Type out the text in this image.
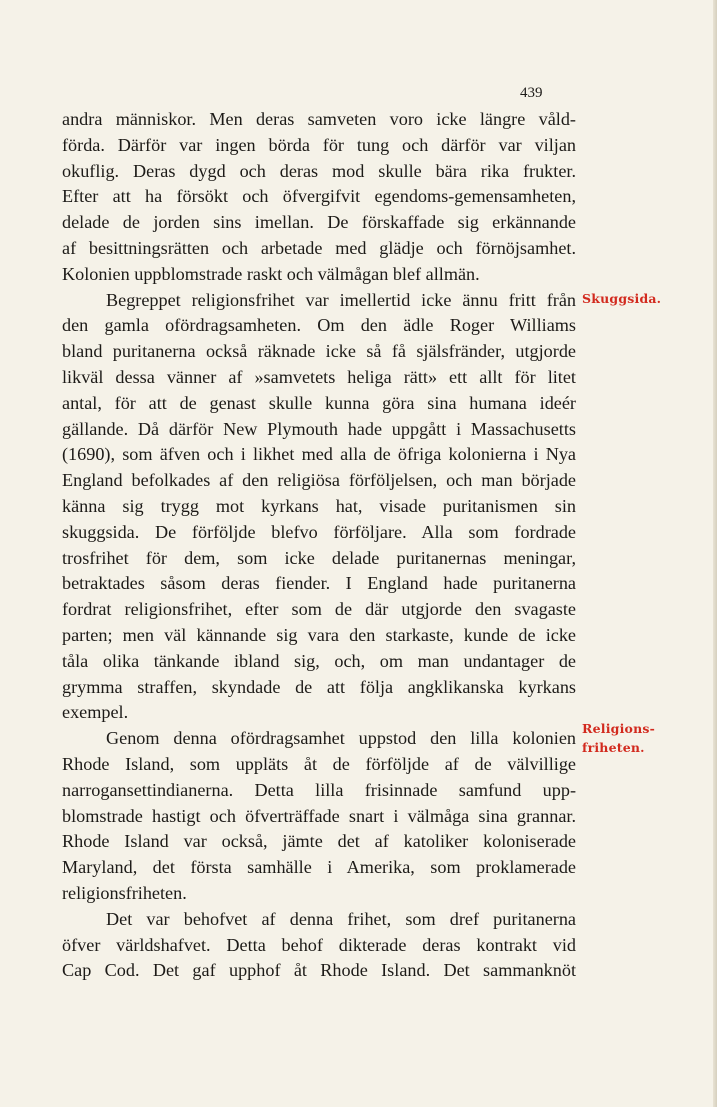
439
andra människor. Men deras samveten voro icke längre våld-
förda. Därför var ingen börda för tung och därför var viljan
okuflig. Deras dygd och deras mod skulle bära rika frukter.
Efter att ha försökt och öfvergifvit egendoms-gemensamheten,
delade de jorden sins imellan. De förskaffade sig erkännande
af besittningsrätten och arbetade med glädje och förnöjsamhet.
Kolonien uppblomstrade raskt och välmågan blef allmän.
Begreppet religionsfrihet var imellertid icke ännu fritt från
den gamla ofördragsamheten. Om den ädle Roger Williams
bland puritanerna också räknade icke så få själsfränder, utgjorde
likväl dessa vänner af »samvetets heliga rätt» ett allt för litet
antal, för att de genast skulle kunna göra sina humana ideér
gällande. Då därför New Plymouth hade uppgått i Massachusetts
(1690), som äfven och i likhet med alla de öfriga kolonierna i Nya
England befolkades af den religiösa förföljelsen, och man började
känna sig trygg mot kyrkans hat, visade puritanismen sin
skuggsida. De förföljde blefvo förföljare. Alla som fordrade
trosfrihet för dem, som icke delade puritanernas meningar,
betraktades såsom deras fiender. I England hade puritanerna
fordrat religionsfrihet, efter som de där utgjorde den svagaste
parten; men väl kännande sig vara den starkaste, kunde de icke
tåla olika tänkande ibland sig, och, om man undantager de
grymma straffen, skyndade de att följa angklikanska kyrkans
exempel.
Genom denna ofördragsamhet uppstod den lilla kolonien
Rhode Island, som uppläts åt de förföljde af de välvillige
narrogansettindianerna. Detta lilla frisinnade samfund upp-
blomstrade hastigt och öfverträffade snart i välmåga sina grannar.
Rhode Island var också, jämte det af katoliker koloniserade
Maryland, det första samhälle i Amerika, som proklamerade
religionsfriheten.
Det var behofvet af denna frihet, som dref puritanerna
öfver världshafvet. Detta behof dikterade deras kontrakt vid
Cap Cod. Det gaf upphof åt Rhode Island. Det sammanknöt
Skuggsida.
Religions-
friheten.
